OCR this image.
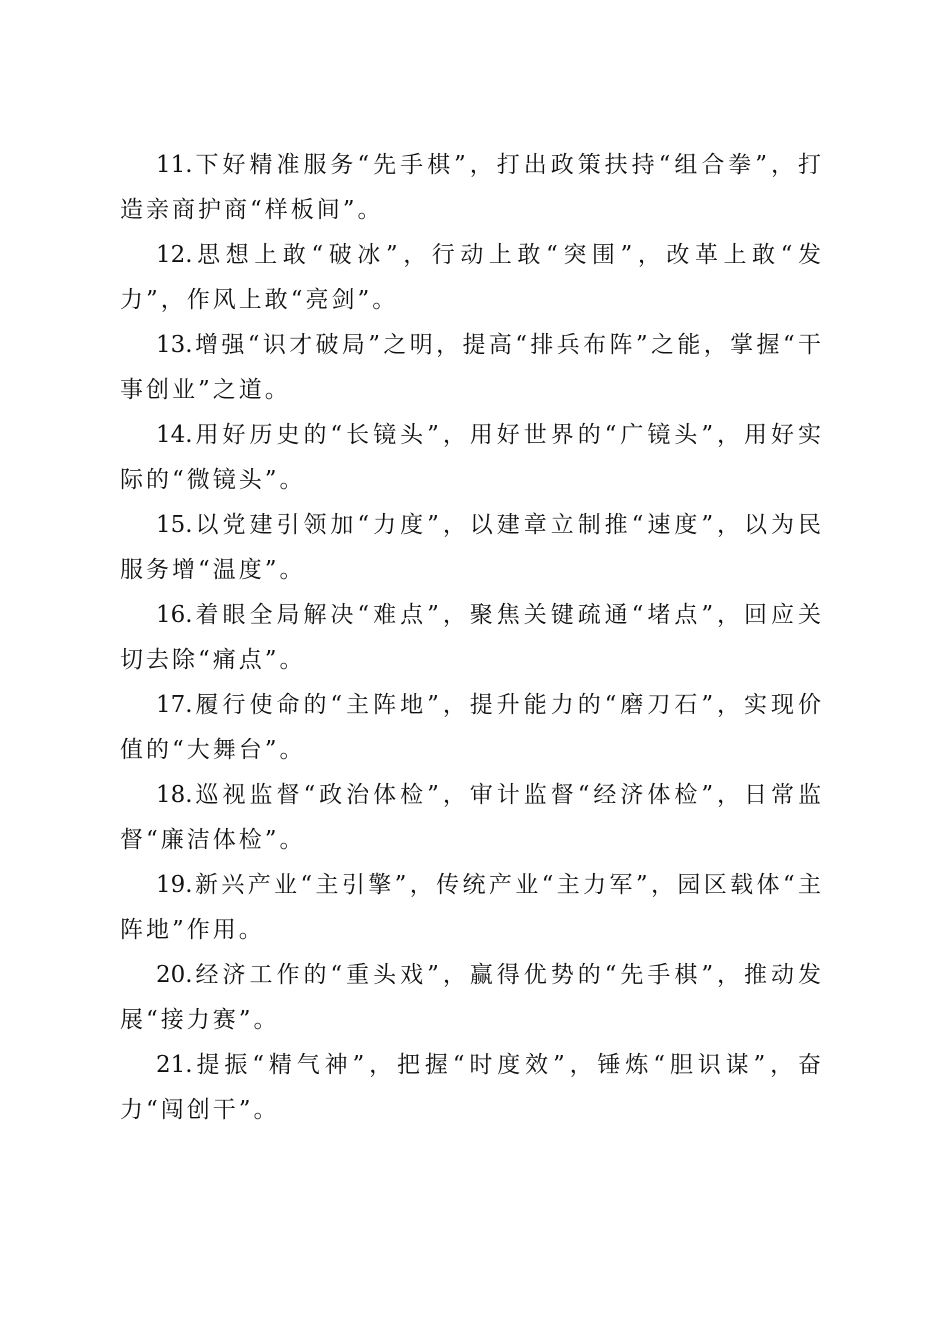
11.下好精准服务“先手棋”，打出政策扶持“组合拳”，打造亲商护商“样板间”。

12.思想上敢“破冰”，行动上敢“突围”，改革上敢“发力”，作风上敢“亮剑”。

13.增强“识才破局”之明，提高“排兵布阵”之能，掌握“干事创业”之道。

14.用好历史的“长镜头”，用好世界的“广镜头”，用好实际的“微镜头”。

15.以党建引领加“力度”，以建章立制推“速度”，以为民服务增“温度”。

16.着眼全局解决“难点”，聚焦关键疏通“堵点”，回应关切去除“痛点”。

17.履行使命的“主阵地”，提升能力的“磨刀石”，实现价值的“大舞台”。

18.巡视监督“政治体检”，审计监督“经济体检”，日常监督“廉洁体检”。

19.新兴产业“主引擎”，传统产业“主力军”，园区载体“主阵地”作用。

20.经济工作的“重头戏”，赢得优势的“先手棋”，推动发展“接力赛”。

21.提振“精气神”，把握“时度效”，锤炼“胆识谋”，奋力“闯创干”。
